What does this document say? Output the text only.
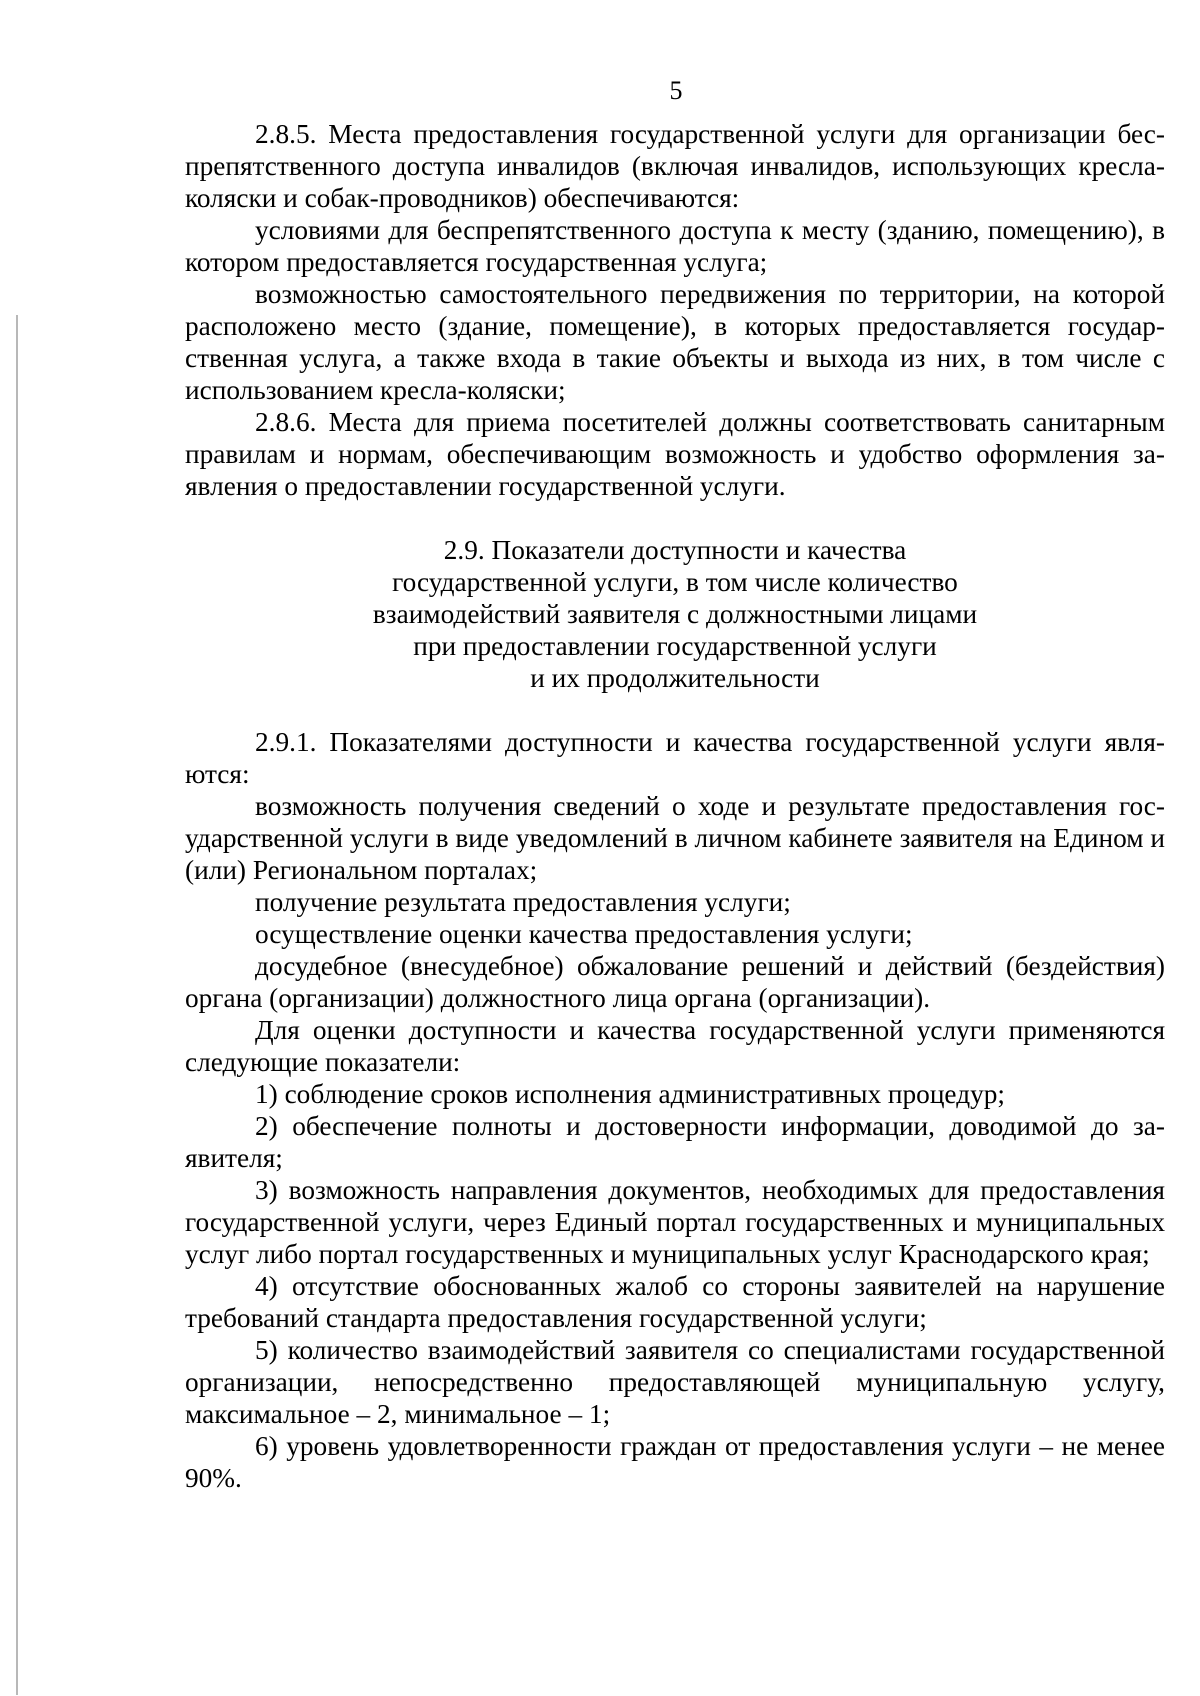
5

2.8.5. Места предоставления государственной услуги для организации беспрепятственного доступа инвалидов (включая инвалидов, использующих кресла-коляски и собак-проводников) обеспечиваются:

условиями для беспрепятственного доступа к месту (зданию, помещению), в котором предоставляется государственная услуга;

возможностью самостоятельного передвижения по территории, на которой расположено место (здание, помещение), в которых предоставляется государственная услуга, а также входа в такие объекты и выхода из них, в том числе с использованием кресла-коляски;

2.8.6. Места для приема посетителей должны соответствовать санитарным правилам и нормам, обеспечивающим возможность и удобство оформления заявления о предоставлении государственной услуги.

2.9. Показатели доступности и качества

государственной услуги, в том числе количество

взаимодействий заявителя с должностными лицами

при предоставлении государственной услуги

и их продолжительности

2.9.1. Показателями доступности и качества государственной услуги являются:

возможность получения сведений о ходе и результате предоставления государственной услуги в виде уведомлений в личном кабинете заявителя на Едином и (или) Региональном порталах;

получение результата предоставления услуги;

осуществление оценки качества предоставления услуги;

досудебное (внесудебное) обжалование решений и действий (бездействия) органа (организации) должностного лица органа (организации).

Для оценки доступности и качества государственной услуги применяются следующие показатели:

1) соблюдение сроков исполнения административных процедур;

2) обеспечение полноты и достоверности информации, доводимой до заявителя;

3) возможность направления документов, необходимых для предоставления государственной услуги, через Единый портал государственных и муниципальных услуг либо портал государственных и муниципальных услуг Краснодарского края;

4) отсутствие обоснованных жалоб со стороны заявителей на нарушение требований стандарта предоставления государственной услуги;

5) количество взаимодействий заявителя со специалистами государственной организации, непосредственно предоставляющей муниципальную услугу, максимальное – 2, минимальное – 1;

6) уровень удовлетворенности граждан от предоставления услуги – не менее 90%.
